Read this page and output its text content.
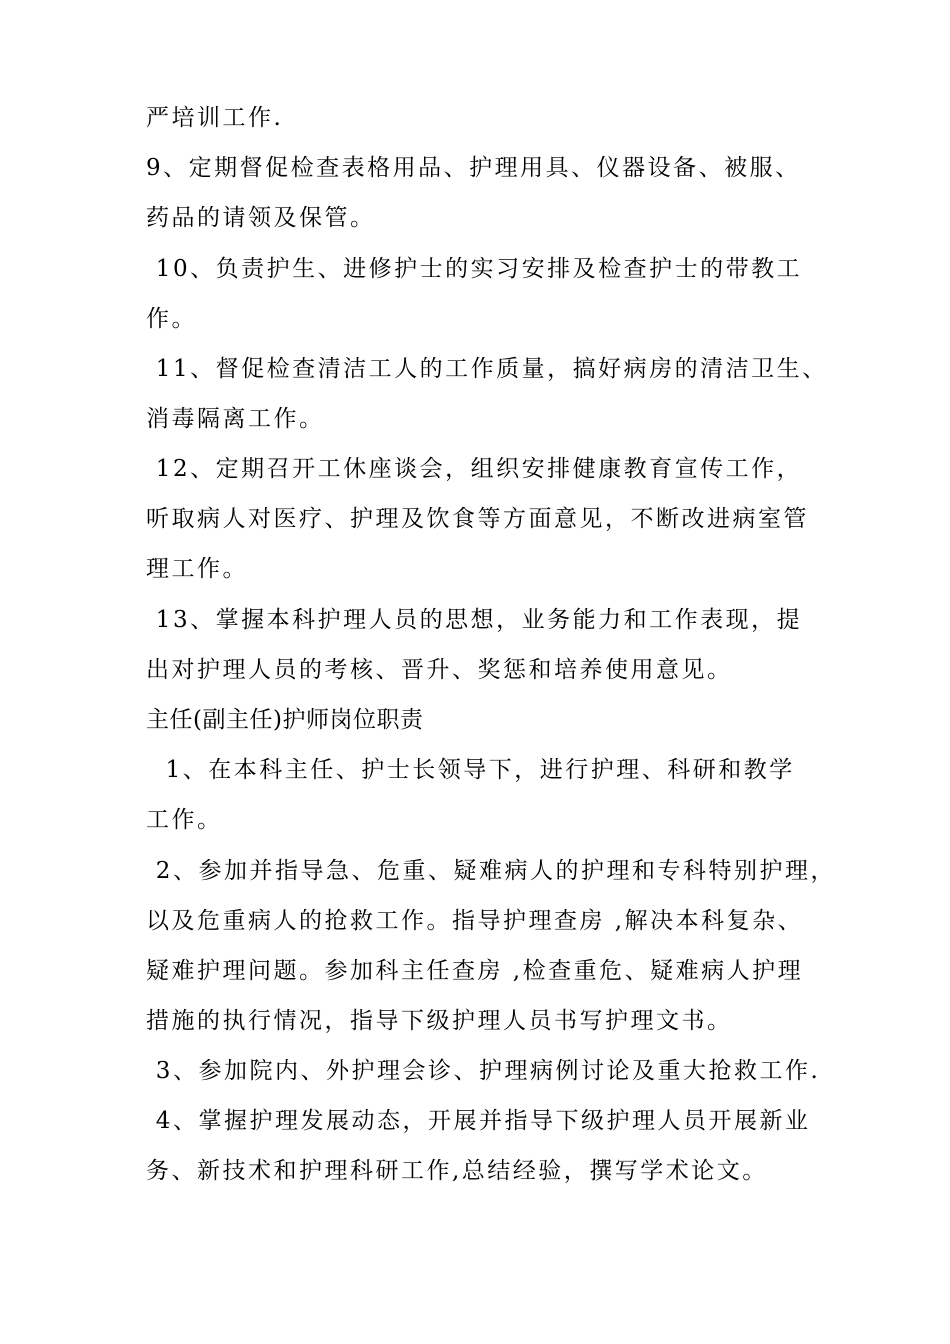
严培训工作.
9、定期督促检查表格用品、护理用具、仪器设备、被服、
药品的请领及保管。
10、负责护生、进修护士的实习安排及检查护士的带教工
作。
11、督促检查清洁工人的工作质量，搞好病房的清洁卫生、
消毒隔离工作。
12、定期召开工休座谈会，组织安排健康教育宣传工作，
听取病人对医疗、护理及饮食等方面意见，不断改进病室管
理工作。
13、掌握本科护理人员的思想，业务能力和工作表现，提
出对护理人员的考核、晋升、奖惩和培养使用意见。
主任(副主任)护师岗位职责
1、在本科主任、护士长领导下，进行护理、科研和教学
工作。
2、参加并指导急、危重、疑难病人的护理和专科特别护理，
以及危重病人的抢救工作。指导护理查房 ,解决本科复杂、
疑难护理问题。参加科主任查房 ,检查重危、疑难病人护理
措施的执行情况，指导下级护理人员书写护理文书。
3、参加院内、外护理会诊、护理病例讨论及重大抢救工作.
4、掌握护理发展动态，开展并指导下级护理人员开展新业
务、新技术和护理科研工作,总结经验，撰写学术论文。
